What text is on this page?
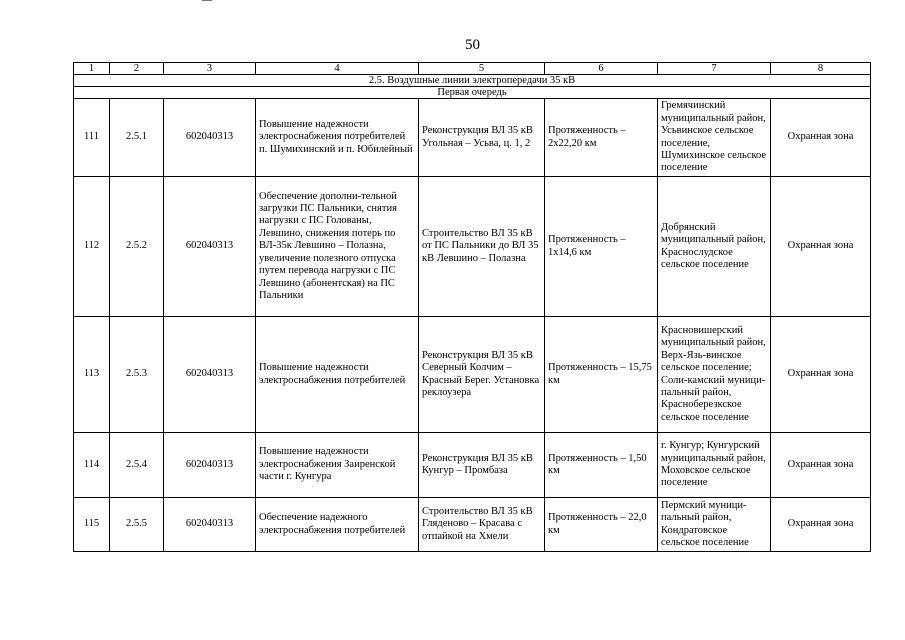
50
1	2	3	4	5	6	7	8
2.5. Воздушные линии электропередачи 35 кВ							
Первая очередь							
111	2.5.1	602040313	Повышение надежности электроснабжения потребителей п. Шумихинский и п. Юбилейный	Реконструкция ВЛ 35 кВ Угольная – Усьва, ц. 1, 2	Протяженность – 2х22,20 км	Гремячинский муниципальный район, Усьвинское сельское поселение, Шумихинское сельское поселение	Охранная зона
112	2.5.2	602040313	Обеспечение дополни-тельной загрузки ПС Пальники, снятия нагрузки с ПС Голованы, Левшино, снижения потерь по ВЛ-35к Левшино – Полазна, увеличение полезного отпуска путем перевода нагрузки с ПС Левшино (абонентская) на ПС Пальники	Строительство ВЛ 35 кВ от ПС Пальники до ВЛ 35 кВ Левшино – Полазна	Протяженность – 1х14,6 км	Добрянский муниципальный район, Краснослудское сельское поселение	Охранная зона
113	2.5.3	602040313	Повышение надежности электроснабжения потребителей	Реконструкция ВЛ 35 кВ Северный Колчим – Красный Берег. Установка реклоузера	Протяженность – 15,75 км	Красновишерский муниципальный район, Верх-Язь-винское сельское поселение; Соли-камский муници-пальный район, Красноберезкское сельское поселение	Охранная зона
114	2.5.4	602040313	Повышение надежности электроснабжения Заиренской части г. Кунгура	Реконструкция ВЛ 35 кВ Кунгур – Промбаза	Протяженность – 1,50 км	г. Кунгур; Кунгурский муниципальный район, Моховское сельское поселение	Охранная зона
115	2.5.5	602040313	Обеспечение надежного электроснабжения потребителей	Строительство ВЛ 35 кВ Гляденово – Красава с отпайкой на Хмели	Протяженность – 22,0 км	Пермский муници-пальный район, Кондратовское сельское поселение	Охранная зона
